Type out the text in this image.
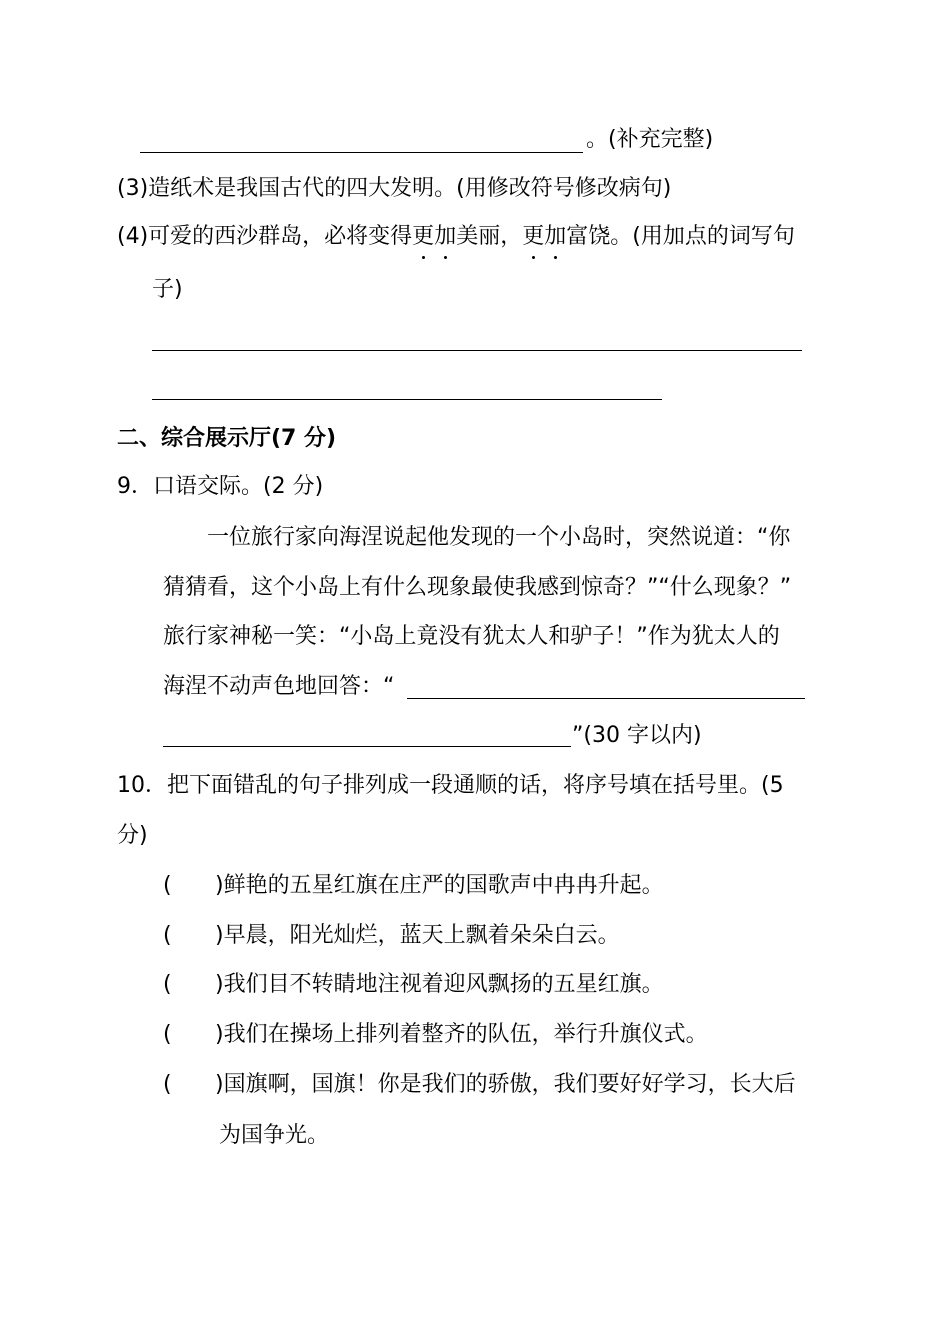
。(补充完整)
(3)造纸术是我国古代的四大发明。(用修改符号修改病句)
(4)可爱的西沙群岛，必将变得更加美丽，更加富饶。(用加点的词写句
子)
二、综合展示厅(7 分)
9．口语交际。(2 分)
一位旅行家向海涅说起他发现的一个小岛时，突然说道：“你
猜猜看，这个小岛上有什么现象最使我感到惊奇？”“什么现象？”
旅行家神秘一笑：“小岛上竟没有犹太人和驴子！”作为犹太人的
海涅不动声色地回答：“
”(30 字以内)
10．把下面错乱的句子排列成一段通顺的话，将序号填在括号里。(5
分)
( )鲜艳的五星红旗在庄严的国歌声中冉冉升起。
( )早晨，阳光灿烂，蓝天上飘着朵朵白云。
( )我们目不转睛地注视着迎风飘扬的五星红旗。
( )我们在操场上排列着整齐的队伍，举行升旗仪式。
( )国旗啊，国旗！你是我们的骄傲，我们要好好学习，长大后
为国争光。
